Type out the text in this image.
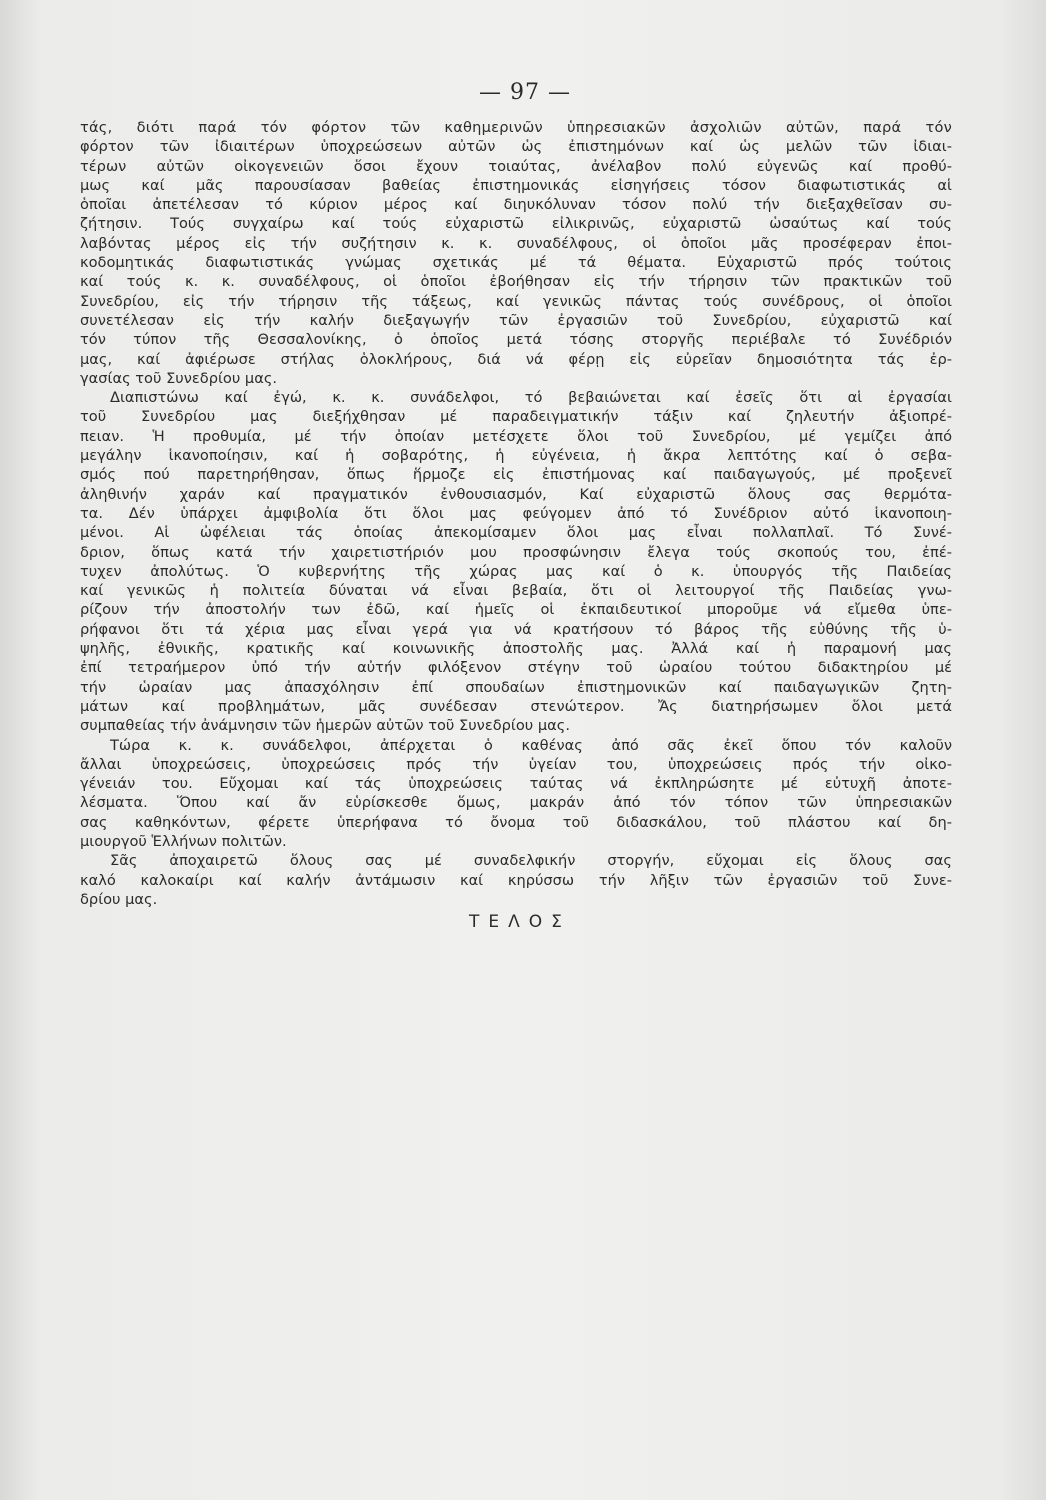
— 97 —
τάς, διότι παρά τόν φόρτον τῶν καθημερινῶν ὑπηρεσιακῶν ἀσχολιῶν αὐτῶν, παρά τόν
φόρτον τῶν ἰδιαιτέρων ὑποχρεώσεων αὐτῶν ὡς ἐπιστημόνων καί ὡς μελῶν τῶν ἰδιαι-
τέρων αὐτῶν οἰκογενειῶν ὅσοι ἔχουν τοιαύτας, ἀνέλαβον πολύ εὐγενῶς καί προθύ-
μως καί μᾶς παρουσίασαν βαθείας ἐπιστημονικάς εἰσηγήσεις τόσον διαφωτιστικάς αἱ
ὁποῖαι ἀπετέλεσαν τό κύριον μέρος καί διηυκόλυναν τόσον πολύ τήν διεξαχθεῖσαν συ-
ζήτησιν. Τούς συγχαίρω καί τούς εὐχαριστῶ εἰλικρινῶς, εὐχαριστῶ ὡσαύτως καί τούς
λαβόντας μέρος εἰς τήν συζήτησιν κ. κ. συναδέλφους, οἱ ὁποῖοι μᾶς προσέφεραν ἐποι-
κοδομητικάς διαφωτιστικάς γνώμας σχετικάς μέ τά θέματα. Εὐχαριστῶ πρός τούτοις
καί τούς κ. κ. συναδέλφους, οἱ ὁποῖοι ἐβοήθησαν εἰς τήν τήρησιν τῶν πρακτικῶν τοῦ
Συνεδρίου, εἰς τήν τήρησιν τῆς τάξεως, καί γενικῶς πάντας τούς συνέδρους, οἱ ὁποῖοι
συνετέλεσαν εἰς τήν καλήν διεξαγωγήν τῶν ἐργασιῶν τοῦ Συνεδρίου, εὐχαριστῶ καί
τόν τύπον τῆς Θεσσαλονίκης, ὁ ὁποῖος μετά τόσης στοργῆς περιέβαλε τό Συνέδριόν
μας, καί ἀφιέρωσε στήλας ὁλοκλήρους, διά νά φέρῃ εἰς εὐρεῖαν δημοσιότητα τάς ἐρ-
γασίας τοῦ Συνεδρίου μας.
Διαπιστώνω καί ἐγώ, κ. κ. συνάδελφοι, τό βεβαιώνεται καί ἐσεῖς ὅτι αἱ ἐργασίαι
τοῦ Συνεδρίου μας διεξήχθησαν μέ παραδειγματικήν τάξιν καί ζηλευτήν ἀξιοπρέ-
πειαν. Ἡ προθυμία, μέ τήν ὁποίαν μετέσχετε ὅλοι τοῦ Συνεδρίου, μέ γεμίζει ἀπό
μεγάλην ἱκανοποίησιν, καί ἡ σοβαρότης, ἡ εὐγένεια, ἡ ἄκρα λεπτότης καί ὁ σεβα-
σμός πού παρετηρήθησαν, ὅπως ἥρμοζε εἰς ἐπιστήμονας καί παιδαγωγούς, μέ προξενεῖ
ἀληθινήν χαράν καί πραγματικόν ἐνθουσιασμόν, Καί εὐχαριστῶ ὅλους σας θερμότα-
τα. Δέν ὑπάρχει ἀμφιβολία ὅτι ὅλοι μας φεύγομεν ἀπό τό Συνέδριον αὐτό ἱκανοποιη-
μένοι. Αἱ ὠφέλειαι τάς ὁποίας ἀπεκομίσαμεν ὅλοι μας εἶναι πολλαπλαῖ. Τό Συνέ-
δριον, ὅπως κατά τήν χαιρετιστήριόν μου προσφώνησιν ἔλεγα τούς σκοπούς του, ἐπέ-
τυχεν ἀπολύτως. Ὁ κυβερνήτης τῆς χώρας μας καί ὁ κ. ὑπουργός τῆς Παιδείας
καί γενικῶς ἡ πολιτεία δύναται νά εἶναι βεβαία, ὅτι οἱ λειτουργοί τῆς Παιδείας γνω-
ρίζουν τήν ἀποστολήν των ἐδῶ, καί ἡμεῖς οἱ ἐκπαιδευτικοί μποροῦμε νά εἴμεθα ὑπε-
ρήφανοι ὅτι τά χέρια μας εἶναι γερά για νά κρατήσουν τό βάρος τῆς εὐθύνης τῆς ὑ-
ψηλῆς, ἐθνικῆς, κρατικῆς καί κοινωνικῆς ἀποστολῆς μας. Ἀλλά καί ἡ παραμονή μας
ἐπί τετραήμερον ὑπό τήν αὐτήν φιλόξενον στέγην τοῦ ὡραίου τούτου διδακτηρίου μέ
τήν ὡραίαν μας ἀπασχόλησιν ἐπί σπουδαίων ἐπιστημονικῶν καί παιδαγωγικῶν ζητη-
μάτων καί προβλημάτων, μᾶς συνέδεσαν στενώτερον. Ἄς διατηρήσωμεν ὅλοι μετά
συμπαθείας τήν ἀνάμνησιν τῶν ἡμερῶν αὐτῶν τοῦ Συνεδρίου μας.
Τώρα κ. κ. συνάδελφοι, ἀπέρχεται ὁ καθένας ἀπό σᾶς ἐκεῖ ὅπου τόν καλοῦν
ἄλλαι ὑποχρεώσεις, ὑποχρεώσεις πρός τήν ὑγείαν του, ὑποχρεώσεις πρός τήν οἰκο-
γένειάν του. Εὔχομαι καί τάς ὑποχρεώσεις ταύτας νά ἐκπληρώσητε μέ εὐτυχῆ ἀποτε-
λέσματα. Ὅπου καί ἄν εὑρίσκεσθε ὅμως, μακράν ἀπό τόν τόπον τῶν ὑπηρεσιακῶν
σας καθηκόντων, φέρετε ὑπερήφανα τό ὄνομα τοῦ διδασκάλου, τοῦ πλάστου καί δη-
μιουργοῦ Ἑλλήνων πολιτῶν.
Σᾶς ἀποχαιρετῶ ὅλους σας μέ συναδελφικήν στοργήν, εὔχομαι εἰς ὅλους σας
καλό καλοκαίρι καί καλήν ἀντάμωσιν καί κηρύσσω τήν λῆξιν τῶν ἐργασιῶν τοῦ Συνε-
δρίου μας.
ΤΕΛΟΣ
